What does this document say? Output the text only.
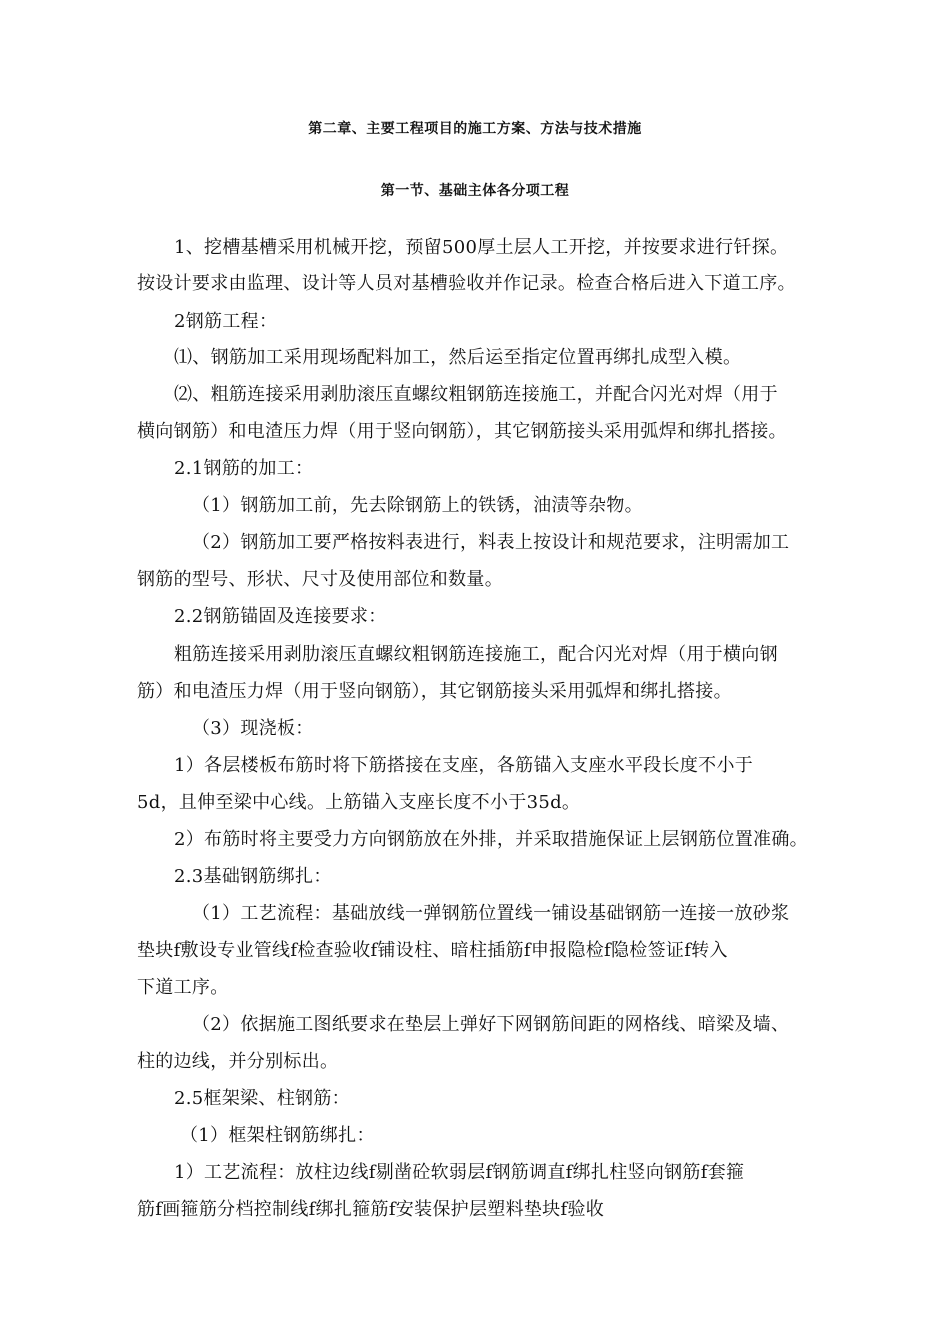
第二章、主要工程项目的施工方案、方法与技术措施
第一节、基础主体各分项工程
1、挖槽基槽采用机械开挖，预留500厚土层人工开挖，并按要求进行钎探。
按设计要求由监理、设计等人员对基槽验收并作记录。检查合格后进入下道工序。
2钢筋工程：
⑴、钢筋加工采用现场配料加工，然后运至指定位置再绑扎成型入模。
⑵、粗筋连接采用剥肋滚压直螺纹粗钢筋连接施工，并配合闪光对焊（用于
横向钢筋）和电渣压力焊（用于竖向钢筋），其它钢筋接头采用弧焊和绑扎搭接。
2.1钢筋的加工：
（1）钢筋加工前，先去除钢筋上的铁锈，油渍等杂物。
（2）钢筋加工要严格按料表进行，料表上按设计和规范要求，注明需加工
钢筋的型号、形状、尺寸及使用部位和数量。
2.2钢筋锚固及连接要求：
粗筋连接采用剥肋滚压直螺纹粗钢筋连接施工，配合闪光对焊（用于横向钢
筋）和电渣压力焊（用于竖向钢筋），其它钢筋接头采用弧焊和绑扎搭接。
（3）现浇板：
1）各层楼板布筋时将下筋搭接在支座，各筋锚入支座水平段长度不小于
5d，且伸至梁中心线。上筋锚入支座长度不小于35d。
2）布筋时将主要受力方向钢筋放在外排，并采取措施保证上层钢筋位置准确。
2.3基础钢筋绑扎：
（1）工艺流程：基础放线一弹钢筋位置线一铺设基础钢筋一连接一放砂浆
垫块f敷设专业管线f检查验收f铺设柱、暗柱插筋f申报隐检f隐检签证f转入
下道工序。
（2）依据施工图纸要求在垫层上弹好下网钢筋间距的网格线、暗梁及墙、
柱的边线，并分别标出。
2.5框架梁、柱钢筋：
（1）框架柱钢筋绑扎：
1）工艺流程：放柱边线f剔凿砼软弱层f钢筋调直f绑扎柱竖向钢筋f套箍
筋f画箍筋分档控制线f绑扎箍筋f安装保护层塑料垫块f验收
